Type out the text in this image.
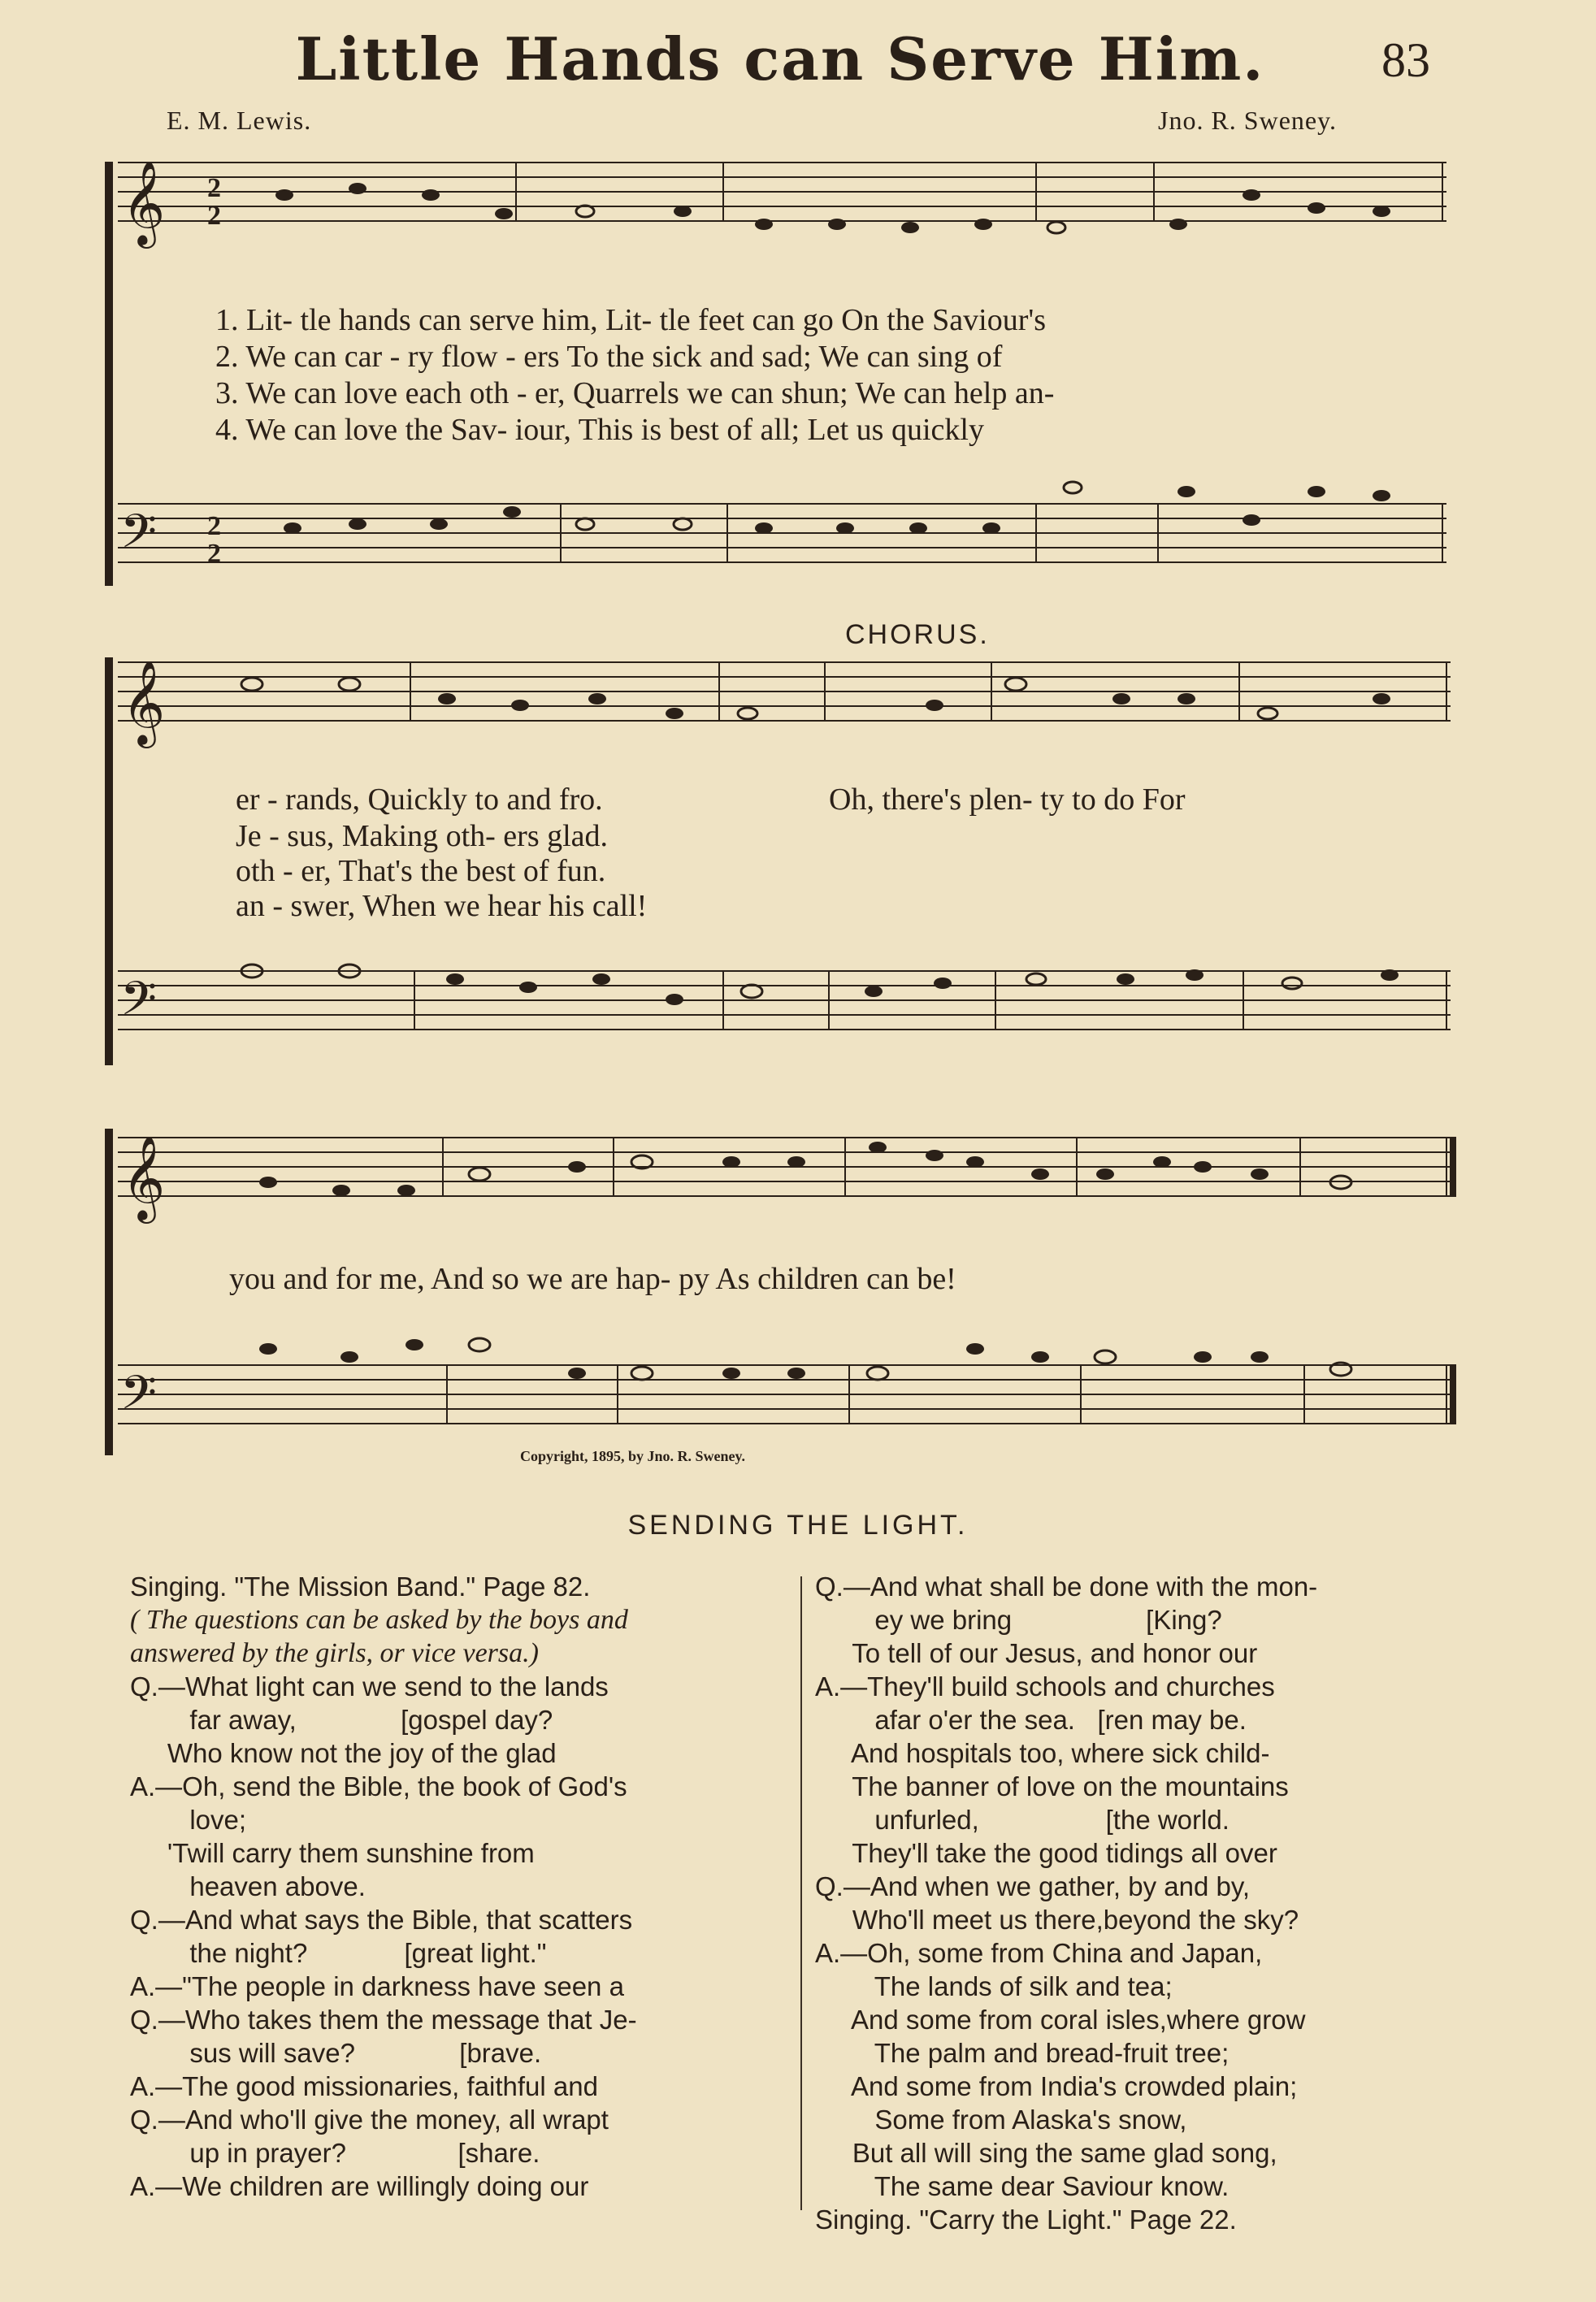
Little Hands can Serve Him. 83
E. M. Lewis.	Jno. R. Sweney.
𝄞
𝄢
2
2
2
2
1. Lit- tle hands can serve him, Lit- tle feet can go On the Saviour's
2. We can car - ry flow - ers To the sick and sad; We can sing of
3. We can love each oth - er, Quarrels we can shun; We can help an-
4. We can love the Sav- iour, This is best of all; Let us quickly
CHORUS.
𝄞
𝄢
er - rands, Quickly to and fro.	Oh, there's plen- ty to do For
Je - sus, Making oth- ers glad.
oth - er, That's the best of fun.
an - swer, When we hear his call!
𝄞
𝄢
you and for me, And so we are hap- py As children can be!
Copyright, 1895, by Jno. R. Sweney.
SENDING THE LIGHT.
Singing. "The Mission Band." Page 82.
( The questions can be asked by the boys and
answered by the girls, or vice versa.)
Q.—What light can we send to the lands
far away,              [gospel day?
Who know not the joy of the glad
A.—Oh, send the Bible, the book of God's
love;
'Twill carry them sunshine from
heaven above.
Q.—And what says the Bible, that scatters
the night?             [great light."
A.—"The people in darkness have seen a
Q.—Who takes them the message that Je-
sus will save?              [brave.
A.—The good missionaries, faithful and
Q.—And who'll give the money, all wrapt
up in prayer?               [share.
A.—We children are willingly doing our
Q.—And what shall be done with the mon-
ey we bring                  [King?
To tell of our Jesus, and honor our
A.—They'll build schools and churches
afar o'er the sea.   [ren may be.
And hospitals too, where sick child-
The banner of love on the mountains
unfurled,                 [the world.
They'll take the good tidings all over
Q.—And when we gather, by and by,
Who'll meet us there,beyond the sky?
A.—Oh, some from China and Japan,
The lands of silk and tea;
And some from coral isles,where grow
The palm and bread-fruit tree;
And some from India's crowded plain;
Some from Alaska's snow,
But all will sing the same glad song,
The same dear Saviour know.
Singing. "Carry the Light." Page 22.
